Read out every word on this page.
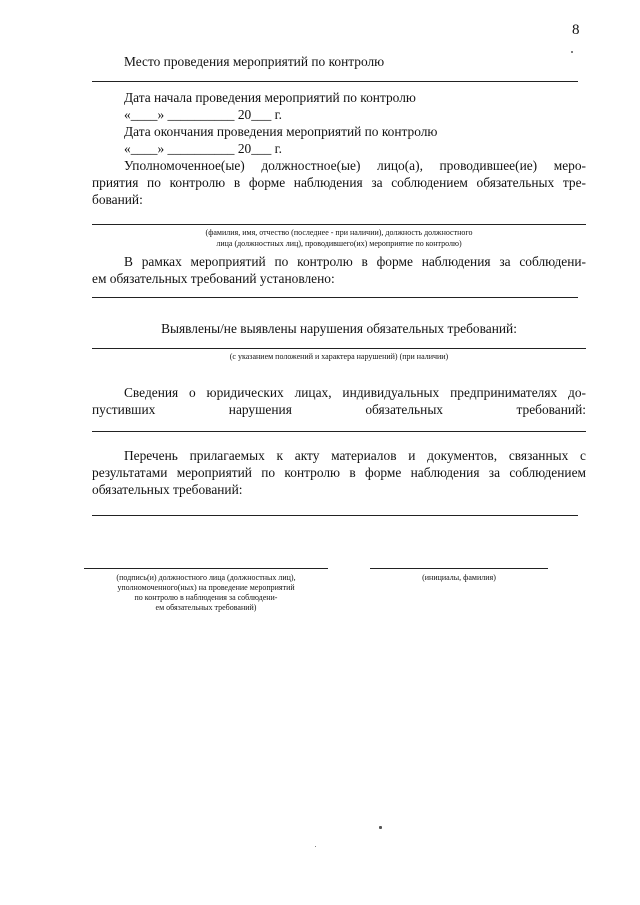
8
Место проведения мероприятий по контролю
Дата начала проведения мероприятий по контролю
«____» __________ 20___ г.
Дата окончания проведения мероприятий по контролю
«____» __________ 20___ г.
Уполномоченное(ые) должностное(ые) лицо(а), проводившее(ие) меро-
приятия по контролю в форме наблюдения за соблюдением обязательных тре-
бований:
(фамилия, имя, отчество (последнее - при наличии), должность должностного
лица (должностных лиц), проводившего(их) мероприятие по контролю)
В рамках мероприятий по контролю в форме наблюдения за соблюдени-
ем обязательных требований установлено:
Выявлены/не выявлены нарушения обязательных требований:
(с указанием положений и характера нарушений) (при наличии)
Сведения о юридических лицах, индивидуальных предпринимателях до-
пустивших	нарушения	обязательных	требований:
Перечень прилагаемых к акту материалов и документов, связанных с
результатами мероприятий по контролю в форме наблюдения за соблюдением
обязательных требований:
(подпись(и) должностного лица (должностных лиц),
уполномоченного(ных) на проведение мероприятий
по контролю в наблюдения за соблюдени-
ем обязательных требований)
(инициалы, фамилия)
